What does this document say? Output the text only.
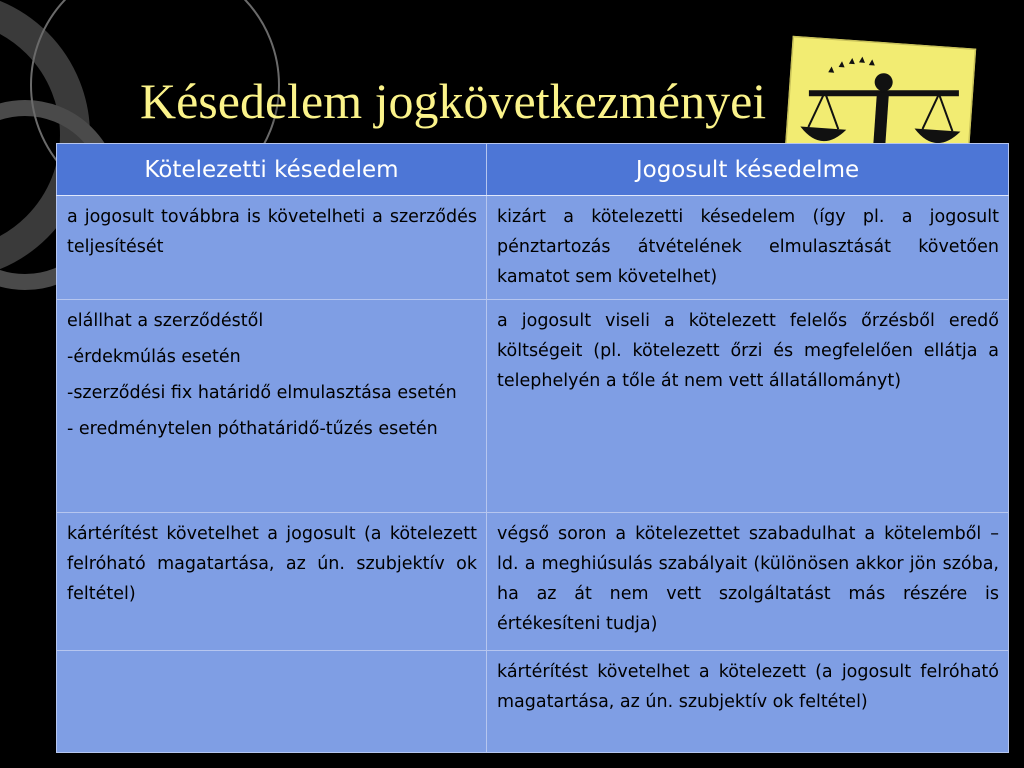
Késedelem jogkövetkezményei
Kötelezetti késedelem	Jogosult késedelme

a jogosult továbbra is követelheti a szerződés teljesítését	kizárt a kötelezetti késedelem (így pl. a jogosult pénztartozás átvételének elmulasztását követően kamatot sem követelhet)

elállhat a szerződéstől

-érdekmúlás esetén

-szerződési fix határidő elmulasztása esetén

- eredménytelen póthatáridő-tűzés esetén	a jogosult viseli a kötelezett felelős őrzésből eredő költségeit (pl. kötelezett őrzi és megfelelően ellátja a telephelyén a tőle át nem vett állatállományt)

kártérítést követelhet a jogosult (a kötelezett felróható magatartása, az ún. szubjektív ok feltétel)	végső soron a kötelezettet szabadulhat a kötelemből – ld. a meghiúsulás szabályait (különösen akkor jön szóba, ha az át nem vett szolgáltatást más részére is értékesíteni tudja)

	kártérítést követelhet a kötelezett (a jogosult felróható magatartása, az ún. szubjektív ok feltétel)
